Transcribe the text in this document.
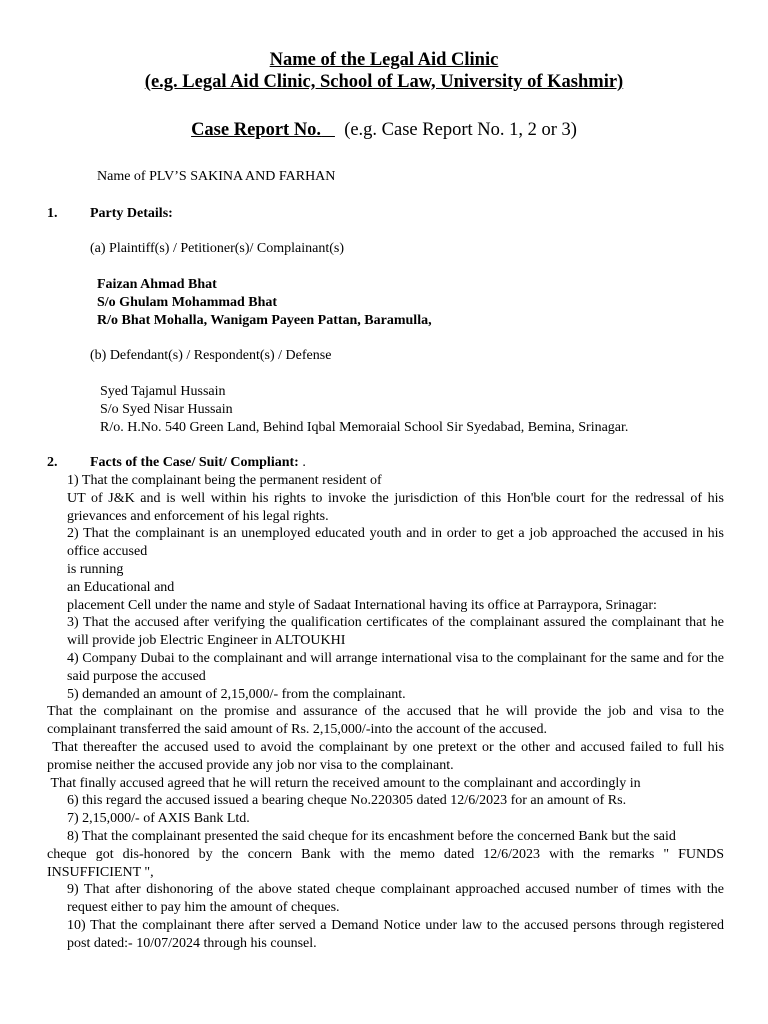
Name of the Legal Aid Clinic
(e.g. Legal Aid Clinic, School of Law, University of Kashmir)
Case Report No. (e.g. Case Report No. 1, 2 or 3)
Name of PLV’S SAKINA AND FARHAN
1. Party Details:
(a) Plaintiff(s) / Petitioner(s)/ Complainant(s)
Faizan Ahmad Bhat
S/o Ghulam Mohammad Bhat
R/o Bhat Mohalla, Wanigam Payeen Pattan, Baramulla,
(b) Defendant(s) / Respondent(s) / Defense
Syed Tajamul Hussain
S/o Syed Nisar Hussain
R/o. H.No. 540 Green Land, Behind Iqbal Memoraial School Sir Syedabad, Bemina, Srinagar.
2. Facts of the Case/ Suit/ Compliant: .

1) That the complainant being the permanent resident of

UT of J&K and is well within his rights to invoke the jurisdiction of this Hon'ble court for the redressal of his grievances and enforcement of his legal rights.

2) That the complainant is an unemployed educated youth and in order to get a job approached the accused in his office accused

is running

an Educational and

placement Cell under the name and style of Sadaat International having its office at Parraypora, Srinagar:

3) That the accused after verifying the qualification certificates of the complainant assured the complainant that he will provide job Electric Engineer in ALTOUKHI

4) Company Dubai to the complainant and will arrange international visa to the complainant for the same and for the said purpose the accused

5) demanded an amount of 2,15,000/- from the complainant.

That the complainant on the promise and assurance of the accused that he will provide the job and visa to the complainant transferred the said amount of Rs. 2,15,000/-into the account of the accused.

That thereafter the accused used to avoid the complainant by one pretext or the other and accused failed to full his promise neither the accused provide any job nor visa to the complainant.

That finally accused agreed that he will return the received amount to the complainant and accordingly in

6) this regard the accused issued a bearing cheque No.220305 dated 12/6/2023 for an amount of Rs.

7) 2,15,000/- of AXIS Bank Ltd.

8) That the complainant presented the said cheque for its encashment before the concerned Bank but the said

cheque got dis-honored by the concern Bank with the memo dated 12/6/2023 with the remarks " FUNDS INSUFFICIENT ",

9) That after dishonoring of the above stated cheque complainant approached accused number of times with the request either to pay him the amount of cheques.

10) That the complainant there after served a Demand Notice under law to the accused persons through registered post dated:- 10/07/2024 through his counsel.
